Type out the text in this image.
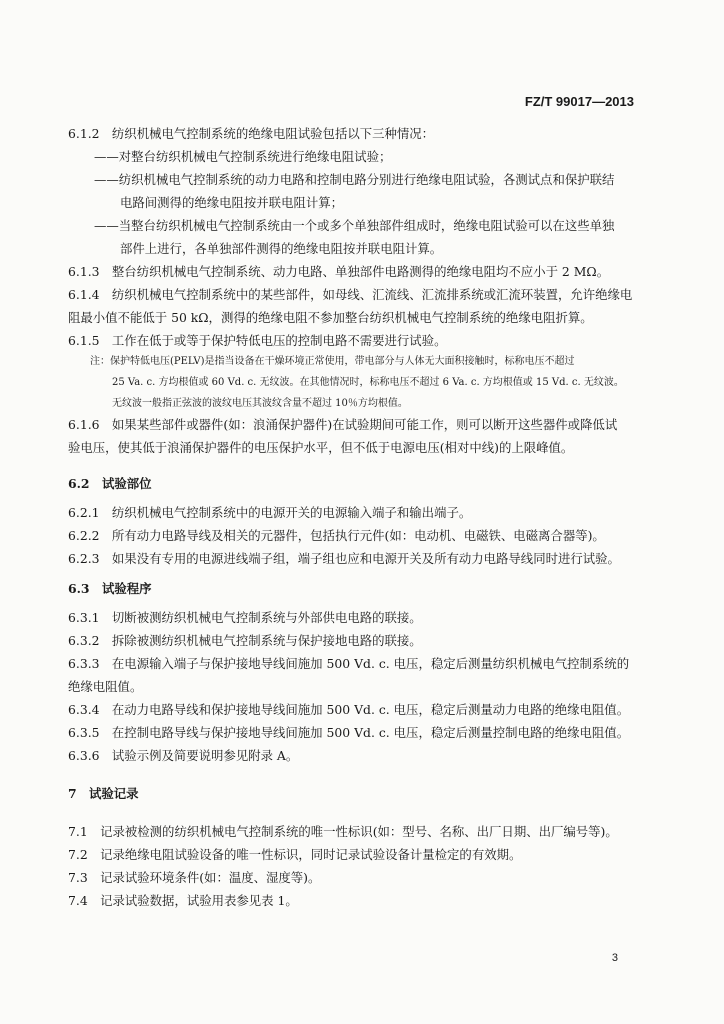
FZ/T 99017—2013
6.1.2　纺织机械电气控制系统的绝缘电阻试验包括以下三种情况：
——对整台纺织机械电气控制系统进行绝缘电阻试验；
——纺织机械电气控制系统的动力电路和控制电路分别进行绝缘电阻试验，各测试点和保护联结
电路间测得的绝缘电阻按并联电阻计算；
——当整台纺织机械电气控制系统由一个或多个单独部件组成时，绝缘电阻试验可以在这些单独
部件上进行，各单独部件测得的绝缘电阻按并联电阻计算。
6.1.3　整台纺织机械电气控制系统、动力电路、单独部件电路测得的绝缘电阻均不应小于 2 MΩ。
6.1.4　纺织机械电气控制系统中的某些部件，如母线、汇流线、汇流排系统或汇流环装置，允许绝缘电
阻最小值不能低于 50 kΩ，测得的绝缘电阻不参加整台纺织机械电气控制系统的绝缘电阻折算。
6.1.5　工作在低于或等于保护特低电压的控制电路不需要进行试验。
注：保护特低电压(PELV)是指当设备在干燥环境正常使用，带电部分与人体无大面积接触时，标称电压不超过
25 Va. c. 方均根值或 60 Vd. c. 无纹波。在其他情况时，标称电压不超过 6 Va. c. 方均根值或 15 Vd. c. 无纹波。
无纹波一般指正弦波的波纹电压其波纹含量不超过 10％方均根值。
6.1.6　如果某些部件或器件(如：浪涌保护器件)在试验期间可能工作，则可以断开这些器件或降低试
验电压，使其低于浪涌保护器件的电压保护水平，但不低于电源电压(相对中线)的上限峰值。
6.2　试验部位
6.2.1　纺织机械电气控制系统中的电源开关的电源输入端子和输出端子。
6.2.2　所有动力电路导线及相关的元器件，包括执行元件(如：电动机、电磁铁、电磁离合器等)。
6.2.3　如果没有专用的电源进线端子组，端子组也应和电源开关及所有动力电路导线同时进行试验。
6.3　试验程序
6.3.1　切断被测纺织机械电气控制系统与外部供电电路的联接。
6.3.2　拆除被测纺织机械电气控制系统与保护接地电路的联接。
6.3.3　在电源输入端子与保护接地导线间施加 500 Vd. c. 电压，稳定后测量纺织机械电气控制系统的
绝缘电阻值。
6.3.4　在动力电路导线和保护接地导线间施加 500 Vd. c. 电压，稳定后测量动力电路的绝缘电阻值。
6.3.5　在控制电路导线与保护接地导线间施加 500 Vd. c. 电压，稳定后测量控制电路的绝缘电阻值。
6.3.6　试验示例及简要说明参见附录 A。
7　试验记录
7.1　记录被检测的纺织机械电气控制系统的唯一性标识(如：型号、名称、出厂日期、出厂编号等)。
7.2　记录绝缘电阻试验设备的唯一性标识，同时记录试验设备计量检定的有效期。
7.3　记录试验环境条件(如：温度、湿度等)。
7.4　记录试验数据，试验用表参见表 1。
3
